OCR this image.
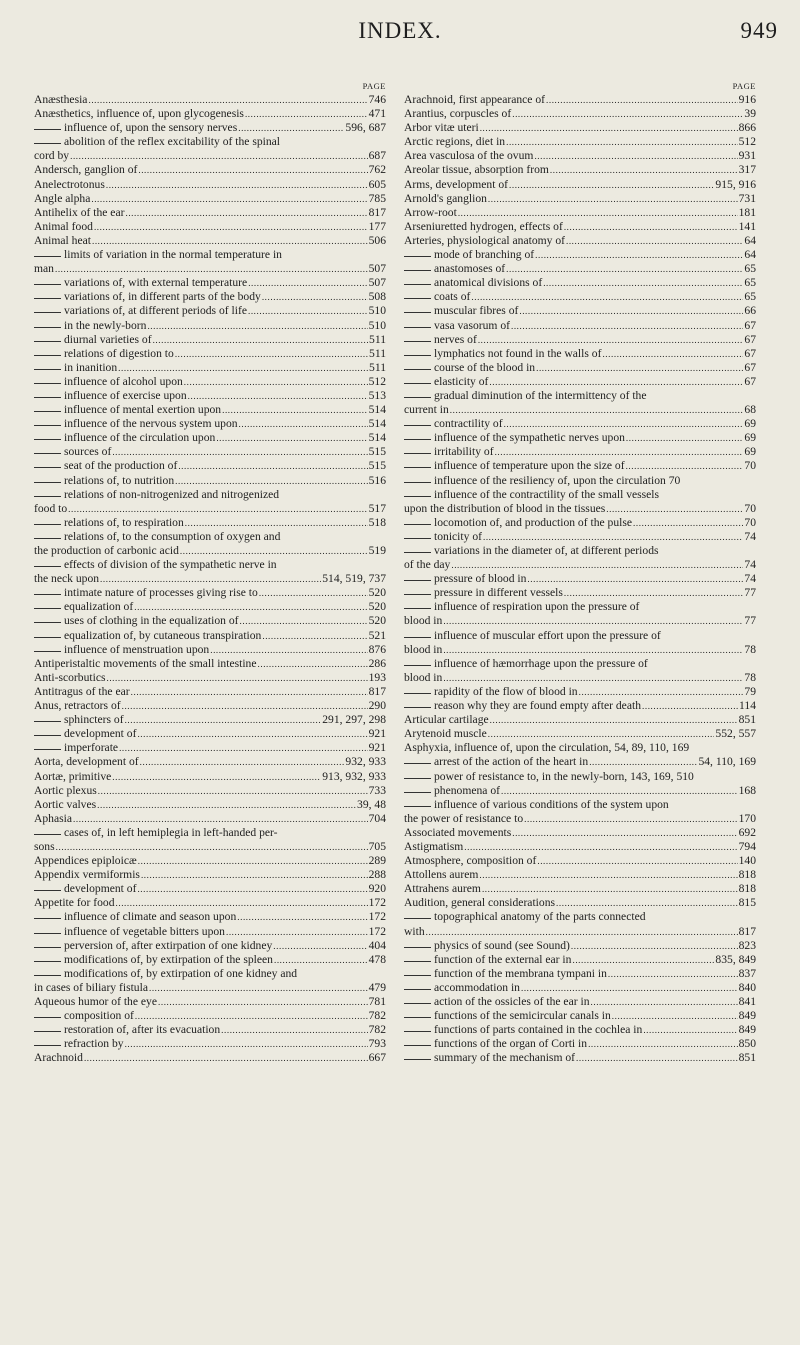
INDEX.	949
PAGE
Anæsthesia .....	746
Anæsthetics, influence of, upon glycogenesis .....	471
influence of, upon the sensory nerves .....	596, 687
abolition of the reflex excitability of the spinal
cord by .....	687
Andersch, ganglion of .....	762
Anelectrotonus .....	605
Angle alpha .....	785
Antihelix of the ear .....	817
Animal food .....	177
Animal heat .....	506
limits of variation in the normal temperature in
man .....	507
variations of, with external temperature .....	507
variations of, in different parts of the body .....	508
variations of, at different periods of life .....	510
in the newly-born .....	510
diurnal varieties of .....	511
relations of digestion to .....	511
in inanition .....	511
influence of alcohol upon .....	512
influence of exercise upon .....	513
influence of mental exertion upon .....	514
influence of the nervous system upon .....	514
influence of the circulation upon .....	514
sources of .....	515
seat of the production of .....	515
relations of, to nutrition .....	516
relations of non-nitrogenized and nitrogenized
food to .....	517
relations of, to respiration .....	518
relations of, to the consumption of oxygen and
the production of carbonic acid .....	519
effects of division of the sympathetic nerve in
the neck upon .....	514, 519, 737
intimate nature of processes giving rise to .....	520
equalization of .....	520
uses of clothing in the equalization of .....	520
equalization of, by cutaneous transpiration .....	521
influence of menstruation upon .....	876
Antiperistaltic movements of the small intestine .....	286
Anti-scorbutics .....	193
Antitragus of the ear .....	817
Anus, retractors of .....	290
sphincters of .....	291, 297, 298
development of .....	921
imperforate .....	921
Aorta, development of .....	932, 933
Aortæ, primitive .....	913, 932, 933
Aortic plexus .....	733
Aortic valves .....	39, 48
Aphasia .....	704
cases of, in left hemiplegia in left-handed per-
sons .....	705
Appendices epiploicæ .....	289
Appendix vermiformis .....	288
development of .....	920
Appetite for food .....	172
influence of climate and season upon .....	172
influence of vegetable bitters upon .....	172
perversion of, after extirpation of one kidney .....	404
modifications of, by extirpation of the spleen .....	478
modifications of, by extirpation of one kidney and
in cases of biliary fistula .....	479
Aqueous humor of the eye .....	781
composition of .....	782
restoration of, after its evacuation .....	782
refraction by .....	793
Arachnoid .....	667
PAGE
Arachnoid, first appearance of .....	916
Arantius, corpuscles of .....	39
Arbor vitæ uteri .....	866
Arctic regions, diet in .....	512
Area vasculosa of the ovum .....	931
Areolar tissue, absorption from .....	317
Arms, development of .....	915, 916
Arnold's ganglion .....	731
Arrow-root .....	181
Arseniuretted hydrogen, effects of .....	141
Arteries, physiological anatomy of .....	64
mode of branching of .....	64
anastomoses of .....	65
anatomical divisions of .....	65
coats of .....	65
muscular fibres of .....	66
vasa vasorum of .....	67
nerves of .....	67
lymphatics not found in the walls of .....	67
course of the blood in .....	67
elasticity of .....	67
gradual diminution of the intermittency of the
current in .....	68
contractility of .....	69
influence of the sympathetic nerves upon .....	69
irritability of .....	69
influence of temperature upon the size of .....	70
influence of the resiliency of, upon the circulation 70
influence of the contractility of the small vessels
upon the distribution of blood in the tissues .....	70
locomotion of, and production of the pulse .....	70
tonicity of .....	74
variations in the diameter of, at different periods
of the day .....	74
pressure of blood in .....	74
pressure in different vessels .....	77
influence of respiration upon the pressure of
blood in .....	77
influence of muscular effort upon the pressure of
blood in .....	78
influence of hæmorrhage upon the pressure of
blood in .....	78
rapidity of the flow of blood in .....	79
reason why they are found empty after death .....	114
Articular cartilage .....	851
Arytenoid muscle .....	552, 557
Asphyxia, influence of, upon the circulation, 54, 89, 110, 169
arrest of the action of the heart in .....	54, 110, 169
power of resistance to, in the newly-born, 143, 169, 510
phenomena of .....	168
influence of various conditions of the system upon
the power of resistance to .....	170
Associated movements .....	692
Astigmatism .....	794
Atmosphere, composition of .....	140
Attollens aurem .....	818
Attrahens aurem .....	818
Audition, general considerations .....	815
topographical anatomy of the parts connected
with .....	817
physics of sound (see Sound) .....	823
function of the external ear in .....	835, 849
function of the membrana tympani in .....	837
accommodation in .....	840
action of the ossicles of the ear in .....	841
functions of the semicircular canals in .....	849
functions of parts contained in the cochlea in .....	849
functions of the organ of Corti in .....	850
summary of the mechanism of .....	851
